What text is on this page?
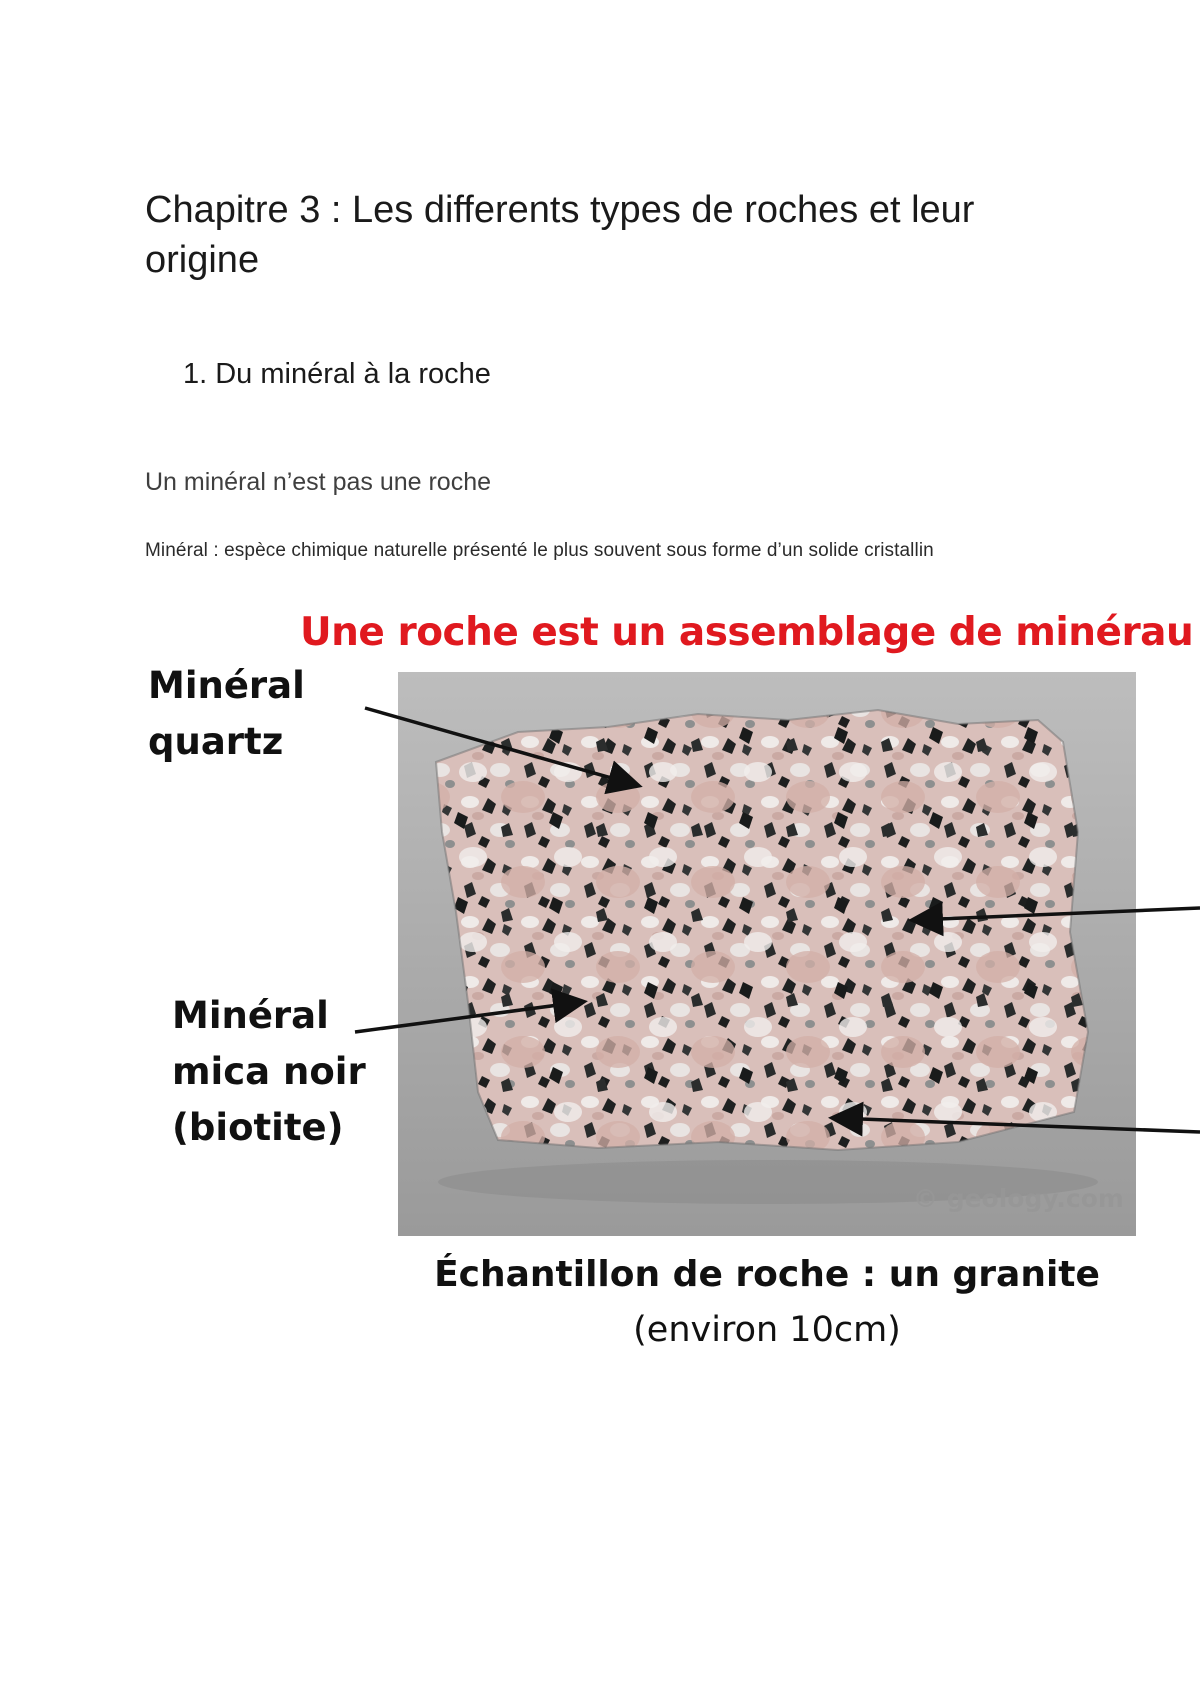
Chapitre 3 : Les differents types de roches et leur origine

1. Du minéral à la roche

Un minéral n’est pas une roche

Minéral : espèce chimique naturelle présenté le plus souvent sous forme d’un solide cristallin

Une roche est un assemblage de minérau
© geology.com
Minéral
quartz
Minéral
mica noir
(biotite)
Échantillon de roche : un granite
(environ 10cm)
